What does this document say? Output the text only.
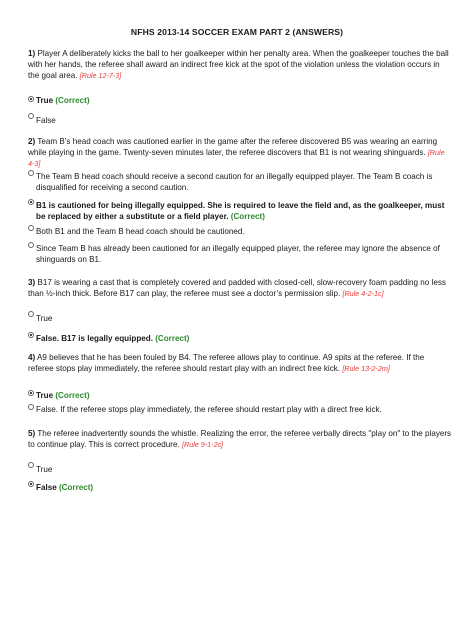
NFHS 2013-14 SOCCER EXAM PART 2 (ANSWERS)
1) Player A deliberately kicks the ball to her goalkeeper within her penalty area. When the goalkeeper touches the ball with her hands, the referee shall award an indirect free kick at the spot of the violation unless the violation occurs in the goal area. [Rule 12-7-3]
True (Correct)
False
2) Team B’s head coach was cautioned earlier in the game after the referee discovered B5 was wearing an earring while playing in the game. Twenty-seven minutes later, the referee discovers that B1 is not wearing shinguards. [Rule 4-3]
The Team B head coach should receive a second caution for an illegally equipped player. The Team B coach is disqualified for receiving a second caution.
B1 is cautioned for being illegally equipped. She is required to leave the field and, as the goalkeeper, must be replaced by either a substitute or a field player. (Correct)
Both B1 and the Team B head coach should be cautioned.
Since Team B has already been cautioned for an illegally equipped player, the referee may ignore the absence of shinguards on B1.
3) B17 is wearing a cast that is completely covered and padded with closed-cell, slow-recovery foam padding no less than ½-inch thick. Before B17 can play, the referee must see a doctor’s permission slip. [Rule 4-2-1c]
True
False. B17 is legally equipped. (Correct)
4) A9 believes that he has been fouled by B4. The referee allows play to continue. A9 spits at the referee. If the referee stops play immediately, the referee should restart play with an indirect free kick. [Rule 13-2-2m]
True (Correct)
False. If the referee stops play immediately, the referee should restart play with a direct free kick.
5) The referee inadvertently sounds the whistle. Realizing the error, the referee verbally directs "play on" to the players to continue play. This is correct procedure. [Rule 9-1-2c]
True
False (Correct)
